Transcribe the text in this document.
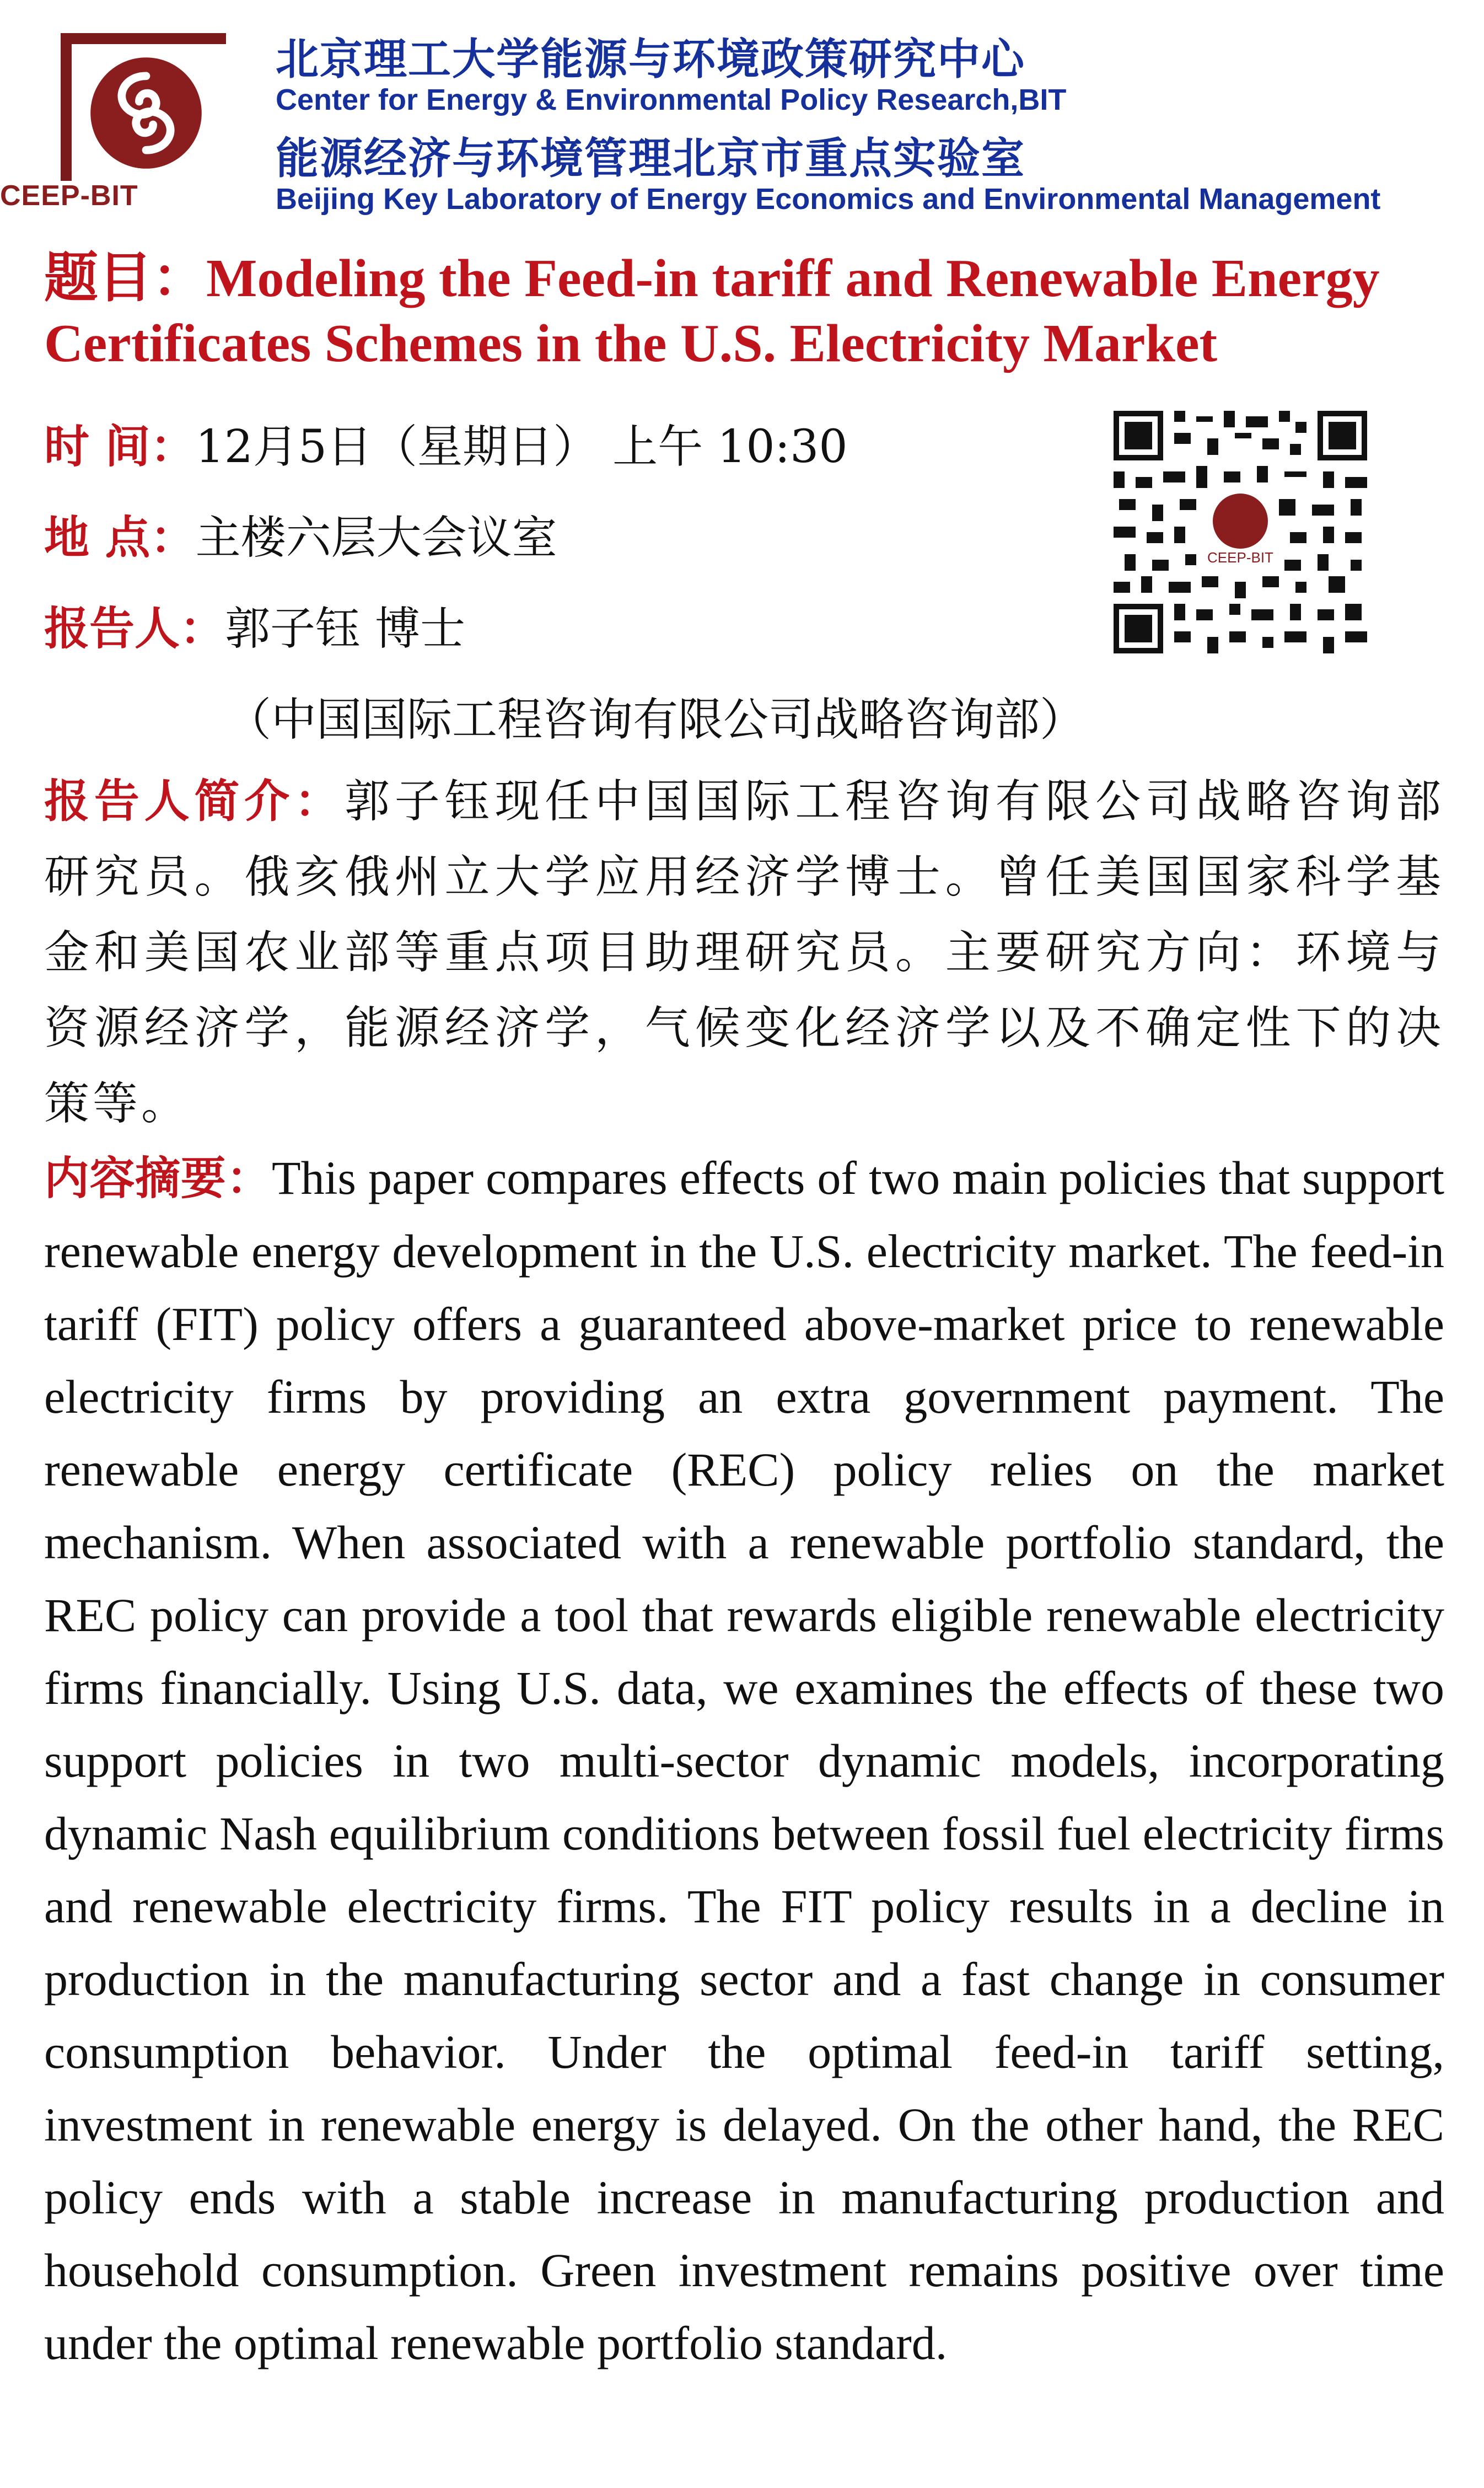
CEEP-BIT
北京理工大学能源与环境政策研究中心
Center for Energy & Environmental Policy Research,BIT
能源经济与环境管理北京市重点实验室
Beijing Key Laboratory of Energy Economics and Environmental Management
题目：Modeling the Feed-in tariff and Renewable Energy Certificates Schemes in the U.S. Electricity Market
时 间：12月5日（星期日） 上午 10:30
地 点：主楼六层大会议室
报告人：郭子钰 博士
（中国国际工程咨询有限公司战略咨询部）
CEEP-BIT
报告人简介：郭子钰现任中国国际工程咨询有限公司战略咨询部研究员。俄亥俄州立大学应用经济学博士。曾任美国国家科学基金和美国农业部等重点项目助理研究员。主要研究方向：环境与资源经济学，能源经济学，气候变化经济学以及不确定性下的决策等。
内容摘要：This paper compares effects of two main policies that support renewable energy development in the U.S. electricity market. The feed-in tariff (FIT) policy offers a guaranteed above-market price to renewable electricity firms by providing an extra government payment. The renewable energy certificate (REC) policy relies on the market mechanism. When associated with a renewable portfolio standard, the REC policy can provide a tool that rewards eligible renewable electricity firms financially. Using U.S. data, we examines the effects of these two support policies in two multi-sector dynamic models, incorporating dynamic Nash equilibrium conditions between fossil fuel electricity firms and renewable electricity firms. The FIT policy results in a decline in production in the manufacturing sector and a fast change in consumer consumption behavior. Under the optimal feed-in tariff setting, investment in renewable energy is delayed. On the other hand, the REC policy ends with a stable increase in manufacturing production and household consumption. Green investment remains positive over time under the optimal renewable portfolio standard.
